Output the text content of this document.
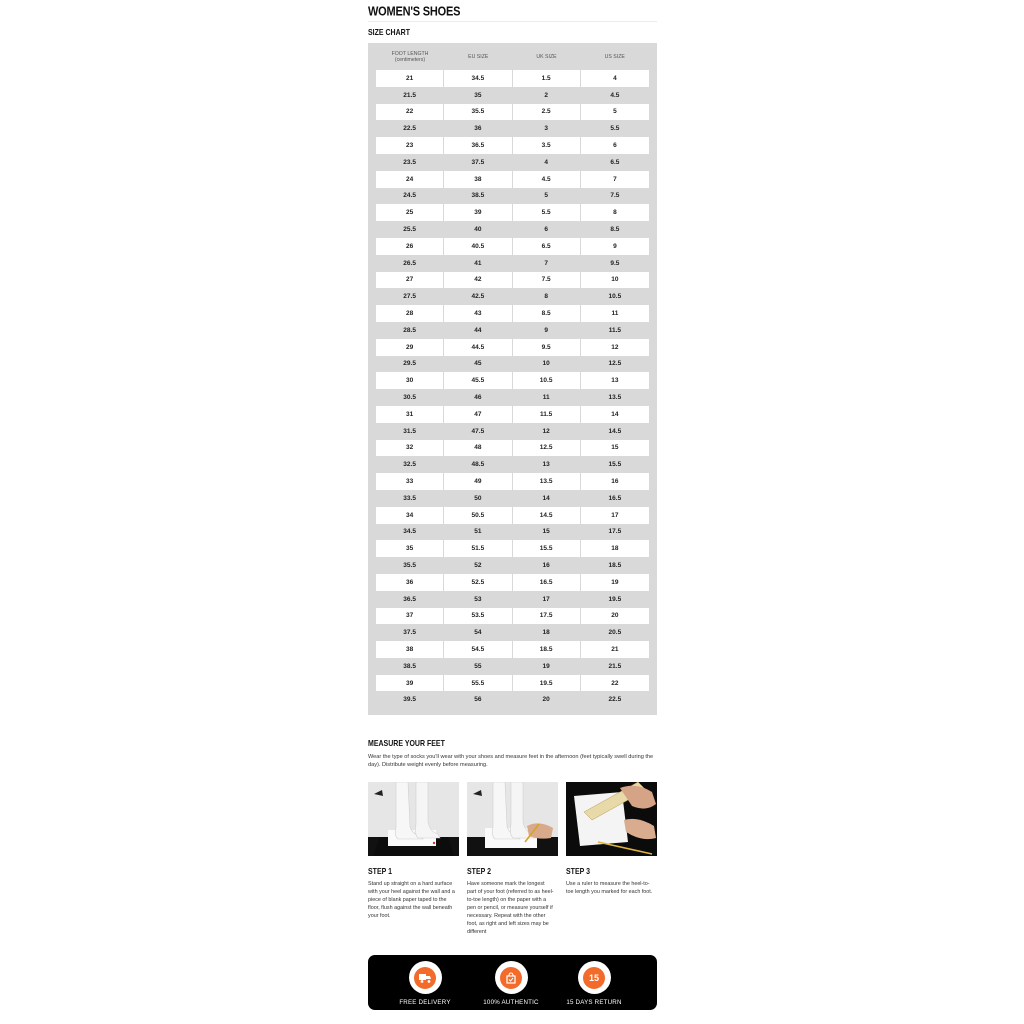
WOMEN'S SHOES
SIZE CHART
FOOT LENGTH
(centimeters)	EU SIZE	UK SIZE	US SIZE
21	34.5	1.5	4
21.5	35	2	4.5
22	35.5	2.5	5
22.5	36	3	5.5
23	36.5	3.5	6
23.5	37.5	4	6.5
24	38	4.5	7
24.5	38.5	5	7.5
25	39	5.5	8
25.5	40	6	8.5
26	40.5	6.5	9
26.5	41	7	9.5
27	42	7.5	10
27.5	42.5	8	10.5
28	43	8.5	11
28.5	44	9	11.5
29	44.5	9.5	12
29.5	45	10	12.5
30	45.5	10.5	13
30.5	46	11	13.5
31	47	11.5	14
31.5	47.5	12	14.5
32	48	12.5	15
32.5	48.5	13	15.5
33	49	13.5	16
33.5	50	14	16.5
34	50.5	14.5	17
34.5	51	15	17.5
35	51.5	15.5	18
35.5	52	16	18.5
36	52.5	16.5	19
36.5	53	17	19.5
37	53.5	17.5	20
37.5	54	18	20.5
38	54.5	18.5	21
38.5	55	19	21.5
39	55.5	19.5	22
39.5	56	20	22.5
MEASURE YOUR FEET
Wear the type of socks you'll wear with your shoes and measure feet in the afternoon (feet typically swell during the day). Distribute weight evenly before measuring.
STEP 1
Stand up straight on a hard surface with your heel against the wall and a piece of blank paper taped to the floor, flush against the wall beneath your foot.
STEP 2
Have someone mark the longest part of your foot (referred to as heel-to-toe length) on the paper with a pen or pencil, or measure yourself if necessary. Repeat with the other foot, as right and left sizes may be different
STEP 3
Use a ruler to measure the heel-to-toe length you marked for each foot.
FREE DELIVERY	100% AUTHENTIC
15
15 DAYS RETURN
